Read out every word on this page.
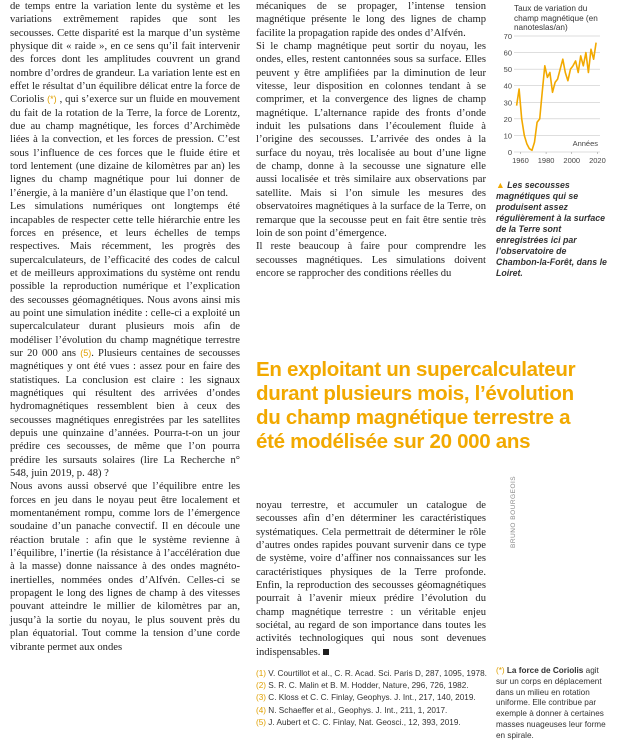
de temps entre la variation lente du système et les variations extrêmement rapides que sont les secousses. Cette disparité est la marque d’un système physique dit « raide », en ce sens qu’il fait intervenir des forces dont les amplitudes couvrent un grand nombre d’ordres de grandeur. La variation lente est en effet le résultat d’un équilibre délicat entre la force de Coriolis (*) , qui s’exerce sur un fluide en mouvement du fait de la rotation de la Terre, la force de Lorentz, due au champ magnétique, les forces d’Archimède liées à la convection, et les forces de pression. C’est sous l’influence de ces forces que le fluide étire et tord lentement (une dizaine de kilomètres par an) les lignes du champ magnétique pour lui donner de l’énergie, à la manière d’un élastique que l’on tend.

Les simulations numériques ont longtemps été incapables de respecter cette telle hiérarchie entre les forces en présence, et leurs échelles de temps respectives. Mais récemment, les progrès des supercalculateurs, de l’efficacité des codes de calcul et de meilleurs approximations du système ont rendu possible la reproduction numérique et l’explication des secousses géomagnétiques. Nous avons ainsi mis au point une simulation inédite : celle-ci a exploité un supercalculateur durant plusieurs mois afin de modéliser l’évolution du champ magnétique terrestre sur 20 000 ans (5). Plusieurs centaines de secousses magnétiques y ont été vues : assez pour en faire des statistiques. La conclusion est claire : les signaux magnétiques qui résultent des arrivées d’ondes hydromagnétiques ressemblent bien à ceux des secousses magnétiques enregistrées par les satellites depuis une quinzaine d’années. Pourra-t-on un jour prédire ces secousses, de même que l’on pourra prédire les sursauts solaires (lire La Recherche n° 548, juin 2019, p. 48) ?

Nous avons aussi observé que l’équilibre entre les forces en jeu dans le noyau peut être localement et momentanément rompu, comme lors de l’émergence soudaine d’un panache convectif. Il en découle une réaction brutale : afin que le système revienne à l’équilibre, l’inertie (la résistance à l’accélération due à la masse) donne naissance à des ondes magnéto-inertielles, nommées ondes d’Alfvén. Celles-ci se propagent le long des lignes de champ à des vitesses pouvant atteindre le millier de kilomètres par an, jusqu’à la sortie du noyau, le plus souvent près du plan équatorial. Tout comme la tension d’une corde vibrante permet aux ondes

mécaniques de se propager, l’intense tension magnétique présente le long des lignes de champ facilite la propagation rapide des ondes d’Alfvén.

Si le champ magnétique peut sortir du noyau, les ondes, elles, restent cantonnées sous sa surface. Elles peuvent y être amplifiées par la diminution de leur vitesse, leur disposition en colonnes tendant à se comprimer, et la convergence des lignes de champ magnétique. L’alternance rapide des fronts d’onde induit les pulsations dans l’écoulement fluide à l’origine des secousses. L’arrivée des ondes à la surface du noyau, très localisée au bout d’une ligne de champ, donne à la secousse une signature elle aussi localisée et très similaire aux observations par satellite. Mais si l’on simule les mesures des observatoires magnétiques à la surface de la Terre, on remarque que la secousse peut en fait être sentie très loin de son point d’émergence.

Il reste beaucoup à faire pour comprendre les secousses magnétiques. Les simulations doivent encore se rapprocher des conditions réelles du

En exploitant un supercalculateur durant plusieurs mois, l’évolution du champ magnétique terrestre a été modélisée sur 20 000 ans
noyau terrestre, et accumuler un catalogue de secousses afin d’en déterminer les caractéristiques systématiques. Cela permettrait de déterminer le rôle d’autres ondes rapides pouvant survenir dans ce type de système, voire d’affiner nos connaissances sur les caractéristiques physiques de la Terre profonde. Enfin, la reproduction des secousses géomagnétiques pourrait à l’avenir mieux prédire l’évolution du champ magnétique terrestre : un véritable enjeu sociétal, au regard de son importance dans toutes les activités technologiques qui nous sont devenues indispensables.
Taux de variation du champ magnétique (en nanoteslas/an)
0
10
20
30
40
50
60
70
1960 1980 2000 2020
Années
▲ Les secousses magnétiques qui se produisent assez régulièrement à la surface de la Terre sont enregistrées ici par l’observatoire de Chambon-la-Forêt, dans le Loiret.
BRUNO BOURGEOIS
(1) V. Courtillot et al., C. R. Acad. Sci. Paris D, 287, 1095, 1978.
(2) S. R. C. Malin et B. M. Hodder, Nature, 296, 726, 1982.
(3) C. Kloss et C. C. Finlay, Geophys. J. Int., 217, 140, 2019.
(4) N. Schaeffer et al., Geophys. J. Int., 211, 1, 2017.
(5) J. Aubert et C. C. Finlay, Nat. Geosci., 12, 393, 2019.
(*) La force de Coriolis agit sur un corps en déplacement dans un milieu en rotation uniforme. Elle contribue par exemple à donner à certaines masses nuageuses leur forme en spirale.
